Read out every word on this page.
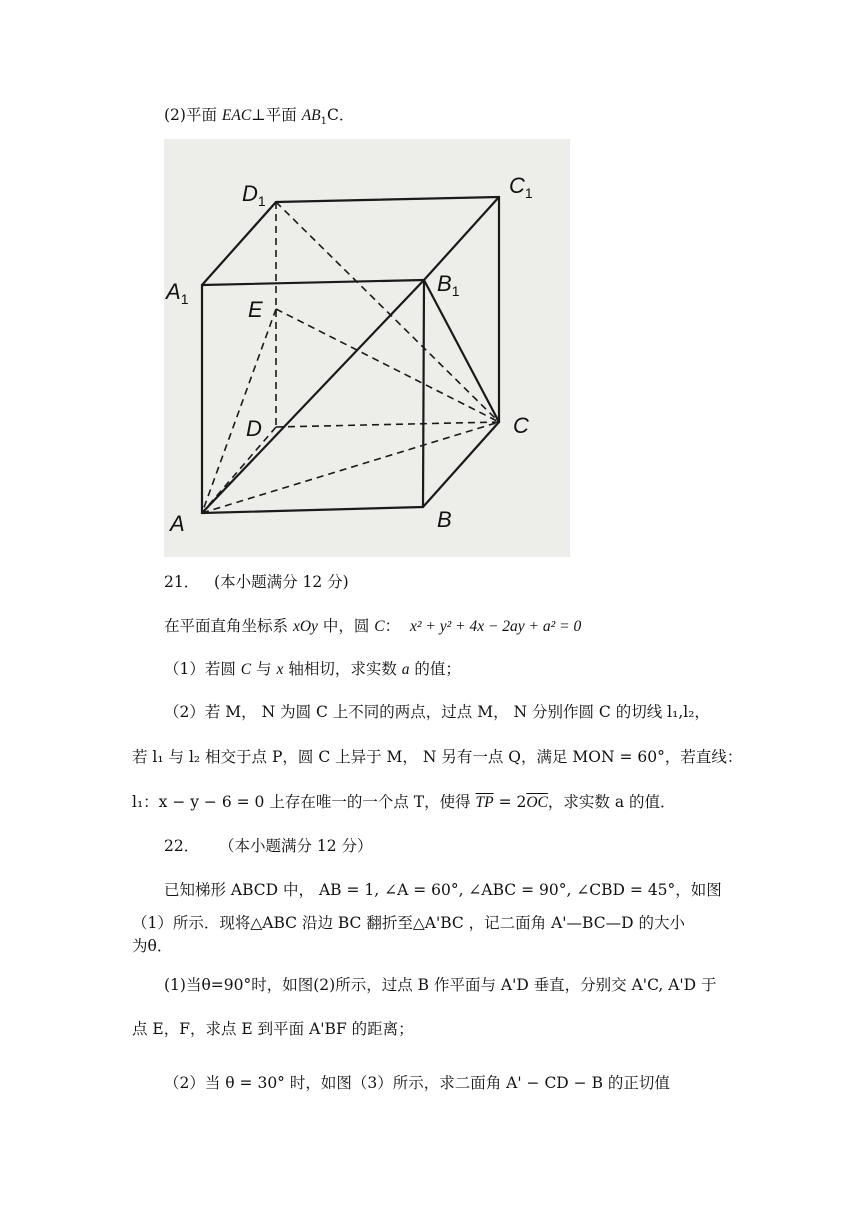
(2)平面 EAC⊥平面 $AB_1C$．
$D_1$
$C_1$
$A_1$
$B_1$
E
D	C
A	B
21． (本小题满分 12 分)
在平面直角坐标系 xOy 中，圆 C： x² + y² + 4x − 2ay + a² = 0
（1）若圆 C 与 x 轴相切，求实数 a 的值；
（2）若 M， N 为圆 C 上不同的两点，过点 M， N 分别作圆 C 的切线 l₁,l₂，
若 l₁ 与 l₂ 相交于点 P，圆 C 上异于 M， N 另有一点 Q，满足 MON = 60°，若直线：
l₁：x − y − 6 = 0 上存在唯一的一个点 T，使得 $\overline{TP} = 2\overline{OC}$，求实数 a 的值．
22． （本小题满分 12 分）
已知梯形 ABCD 中， AB = 1, ∠A = 60°, ∠ABC = 90°, ∠CBD = 45°，如图
（1）所示．现将△ABC 沿边 BC 翻折至△A'BC ，记二面角 A'—BC—D 的大小
为θ．
(1)当θ=90°时，如图(2)所示，过点 B 作平面与 A'D 垂直，分别交 A'C, A'D 于
点 E，F，求点 E 到平面 A'BF 的距离；
（2）当 θ = 30° 时，如图（3）所示，求二面角 A' − CD − B 的正切值
